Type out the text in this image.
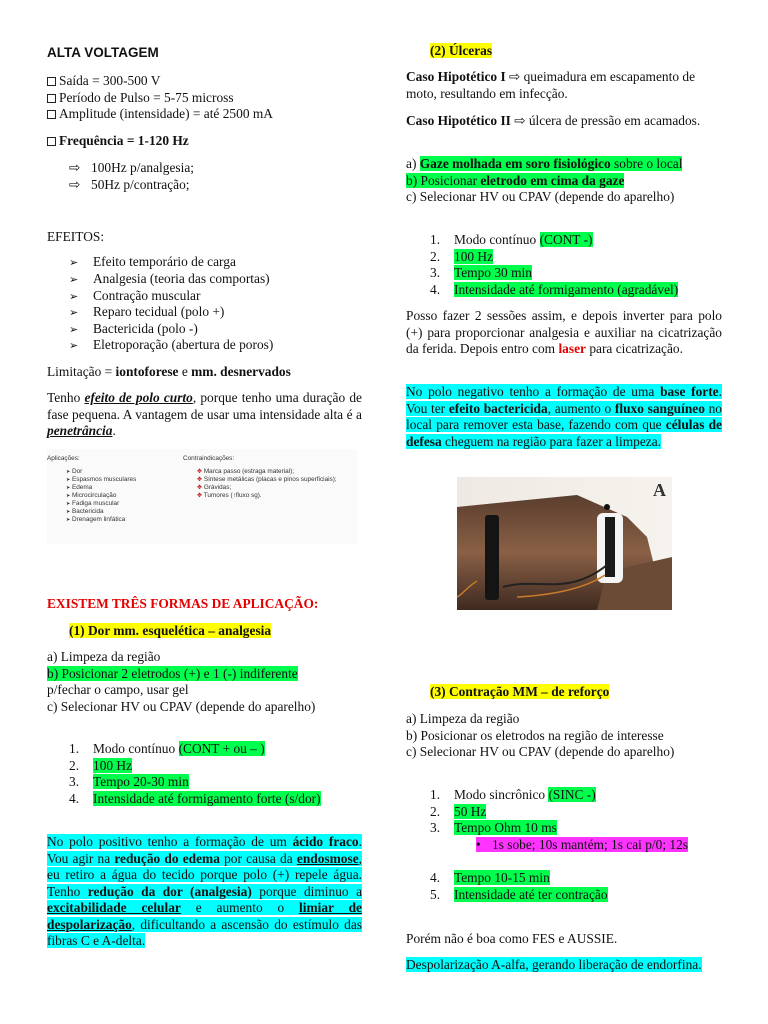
ALTA VOLTAGEM
Saída = 300-500 V
Período de Pulso = 5-75 micross
Amplitude (intensidade) = até 2500 mA
Frequência = 1-120 Hz
⇨ 100Hz p/analgesia;
⇨ 50Hz p/contração;
EFEITOS:
➢ Efeito temporário de carga
➢ Analgesia (teoria das comportas)
➢ Contração muscular
➢ Reparo tecidual (polo +)
➢ Bactericida (polo -)
➢ Eletroporação (abertura de poros)
Limitação = iontoforese e mm. desnervados
Tenho efeito de polo curto, porque tenho uma duração de fase pequena. A vantagem de usar uma intensidade alta é a penetrância.
EXISTEM TRÊS FORMAS DE APLICAÇÃO:
(1) Dor mm. esquelética – analgesia
a) Limpeza da região
b) Posicionar 2 eletrodos (+) e 1 (-) indiferente
p/fechar o campo, usar gel
c) Selecionar HV ou CPAV (depende do aparelho)
1. Modo contínuo (CONT + ou – )
2. 100 Hz
3. Tempo 20-30 min
4. Intensidade até formigamento forte (s/dor)
No polo positivo tenho a formação de um ácido fraco. Vou agir na redução do edema por causa da endosmose, eu retiro a água do tecido porque polo (+) repele água. Tenho redução da dor (analgesia) porque diminuo a excitabilidade celular e aumento o limiar de despolarização, dificultando a ascensão do estímulo das fibras C e A-delta.
Aplicações:
➤ Dor
➤ Espasmos musculares
➤ Edema
➤ Microcirculação
➤ Fadiga muscular
➤ Bactericida
➤ Drenagem linfática
Contraindicações:
✥ Marca passo (estraga material);
✥ Síntese metálicas (placas e pinos superficiais);
✥ Grávidas;
✥ Tumores (↑fluxo sg).
(2) Úlceras
Caso Hipotético I ⇨ queimadura em escapamento de moto, resultando em infecção.
Caso Hipotético II ⇨ úlcera de pressão em acamados.
a) Gaze molhada em soro fisiológico sobre o local
b) Posicionar eletrodo em cima da gaze
c) Selecionar HV ou CPAV (depende do aparelho)
1. Modo contínuo (CONT -)
2. 100 Hz
3. Tempo 30 min
4. Intensidade até formigamento (agradável)
Posso fazer 2 sessões assim, e depois inverter para polo (+) para proporcionar analgesia e auxiliar na cicatrização da ferida. Depois entro com laser para cicatrização.
No polo negativo tenho a formação de uma base forte. Vou ter efeito bactericida, aumento o fluxo sanguíneo no local para remover esta base, fazendo com que células de defesa cheguem na região para fazer a limpeza.
(3) Contração MM – de reforço
a) Limpeza da região
b) Posicionar os eletrodos na região de interesse
c) Selecionar HV ou CPAV (depende do aparelho)
1. Modo sincrônico (SINC -)
2. 50 Hz
3. Tempo Ohm 10 ms
• 1s sobe; 10s mantém; 1s cai p/0; 12s
4. Tempo 10-15 min
5. Intensidade até ter contração
Porém não é boa como FES e AUSSIE.
Despolarização A-alfa, gerando liberação de endorfina.
A
